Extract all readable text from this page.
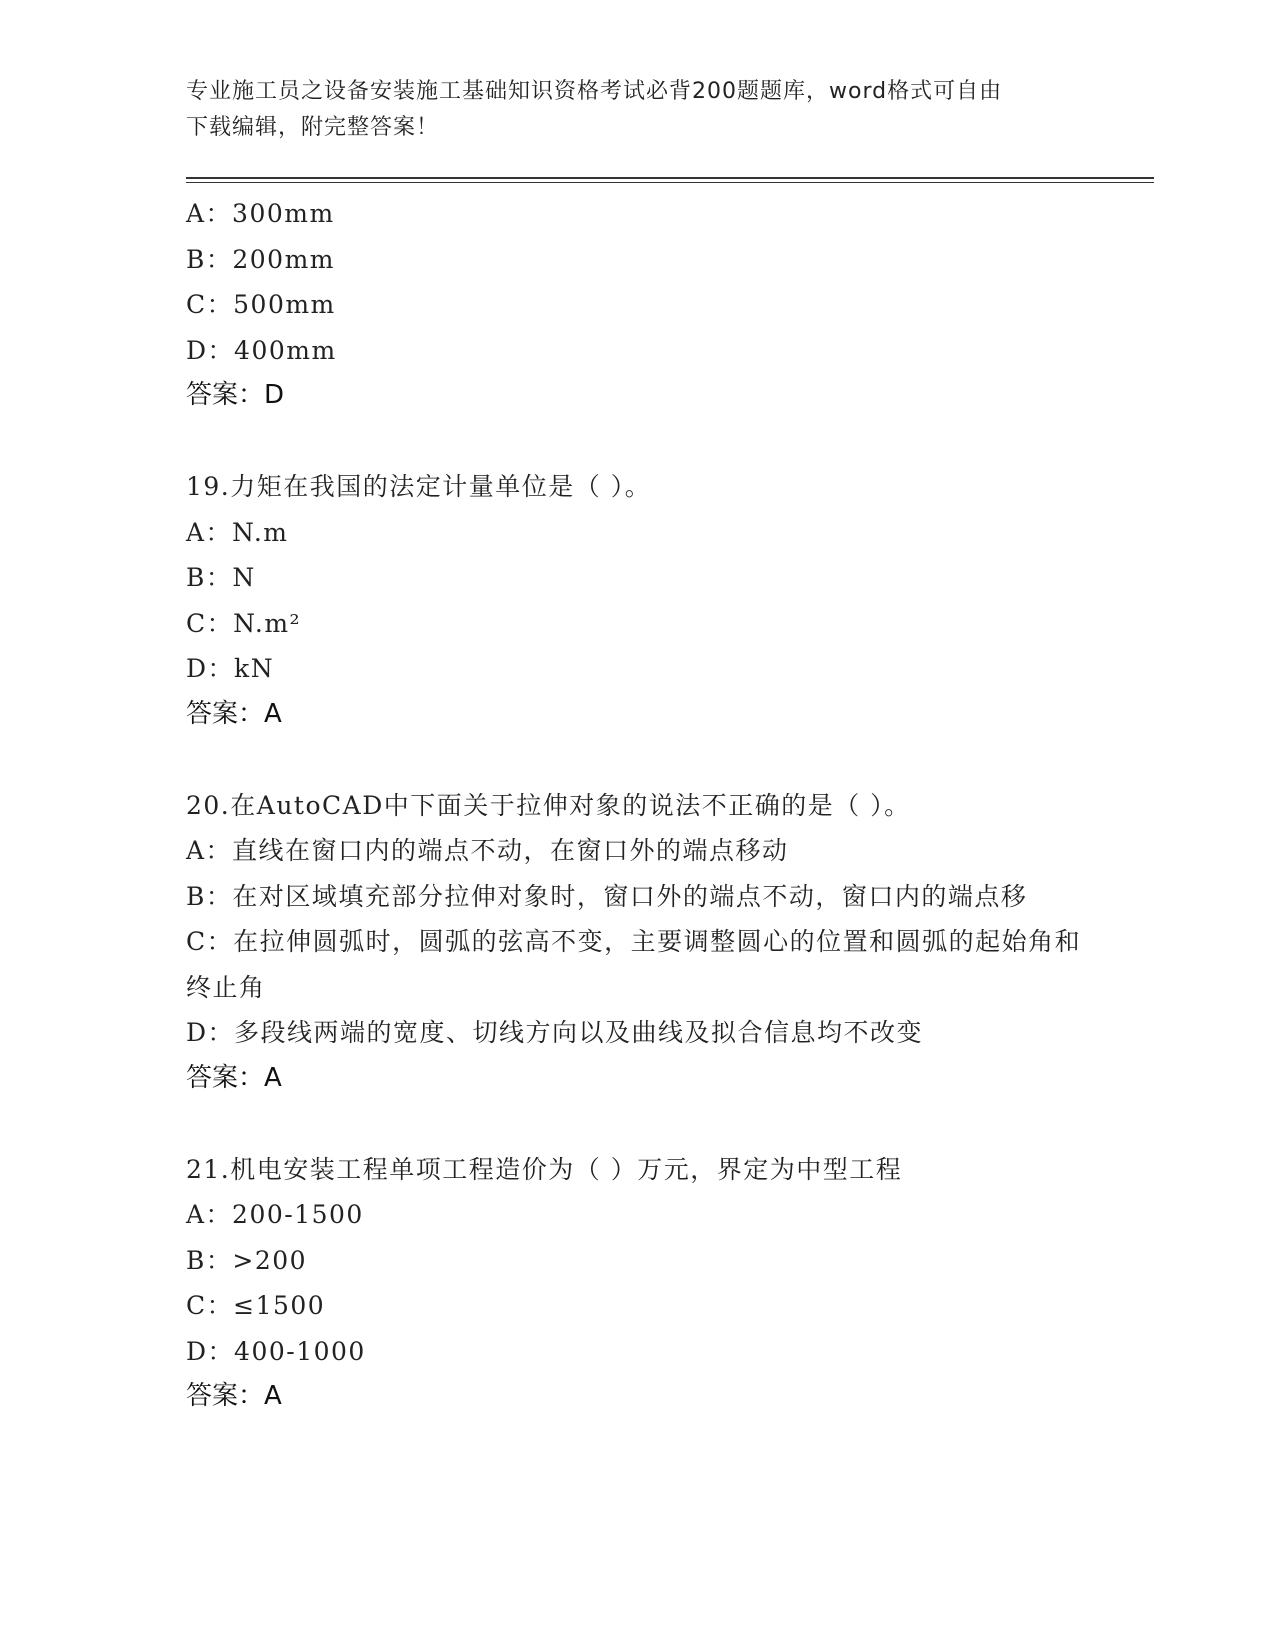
专业施工员之设备安装施工基础知识资格考试必背200题题库，word格式可自由
下载编辑，附完整答案！
A：300mm
B：200mm
C：500mm
D：400mm
答案：D
19.力矩在我国的法定计量单位是（ ）。
A：N.m
B：N
C：N.m²
D：kN
答案：A
20.在AutoCAD中下面关于拉伸对象的说法不正确的是（ ）。
A：直线在窗口内的端点不动，在窗口外的端点移动
B：在对区域填充部分拉伸对象时，窗口外的端点不动，窗口内的端点移
C：在拉伸圆弧时，圆弧的弦高不变，主要调整圆心的位置和圆弧的起始角和终止角
D：多段线两端的宽度、切线方向以及曲线及拟合信息均不改变
答案：A
21.机电安装工程单项工程造价为（ ）万元，界定为中型工程
A：200-1500
B：>200
C：≤1500
D：400-1000
答案：A
